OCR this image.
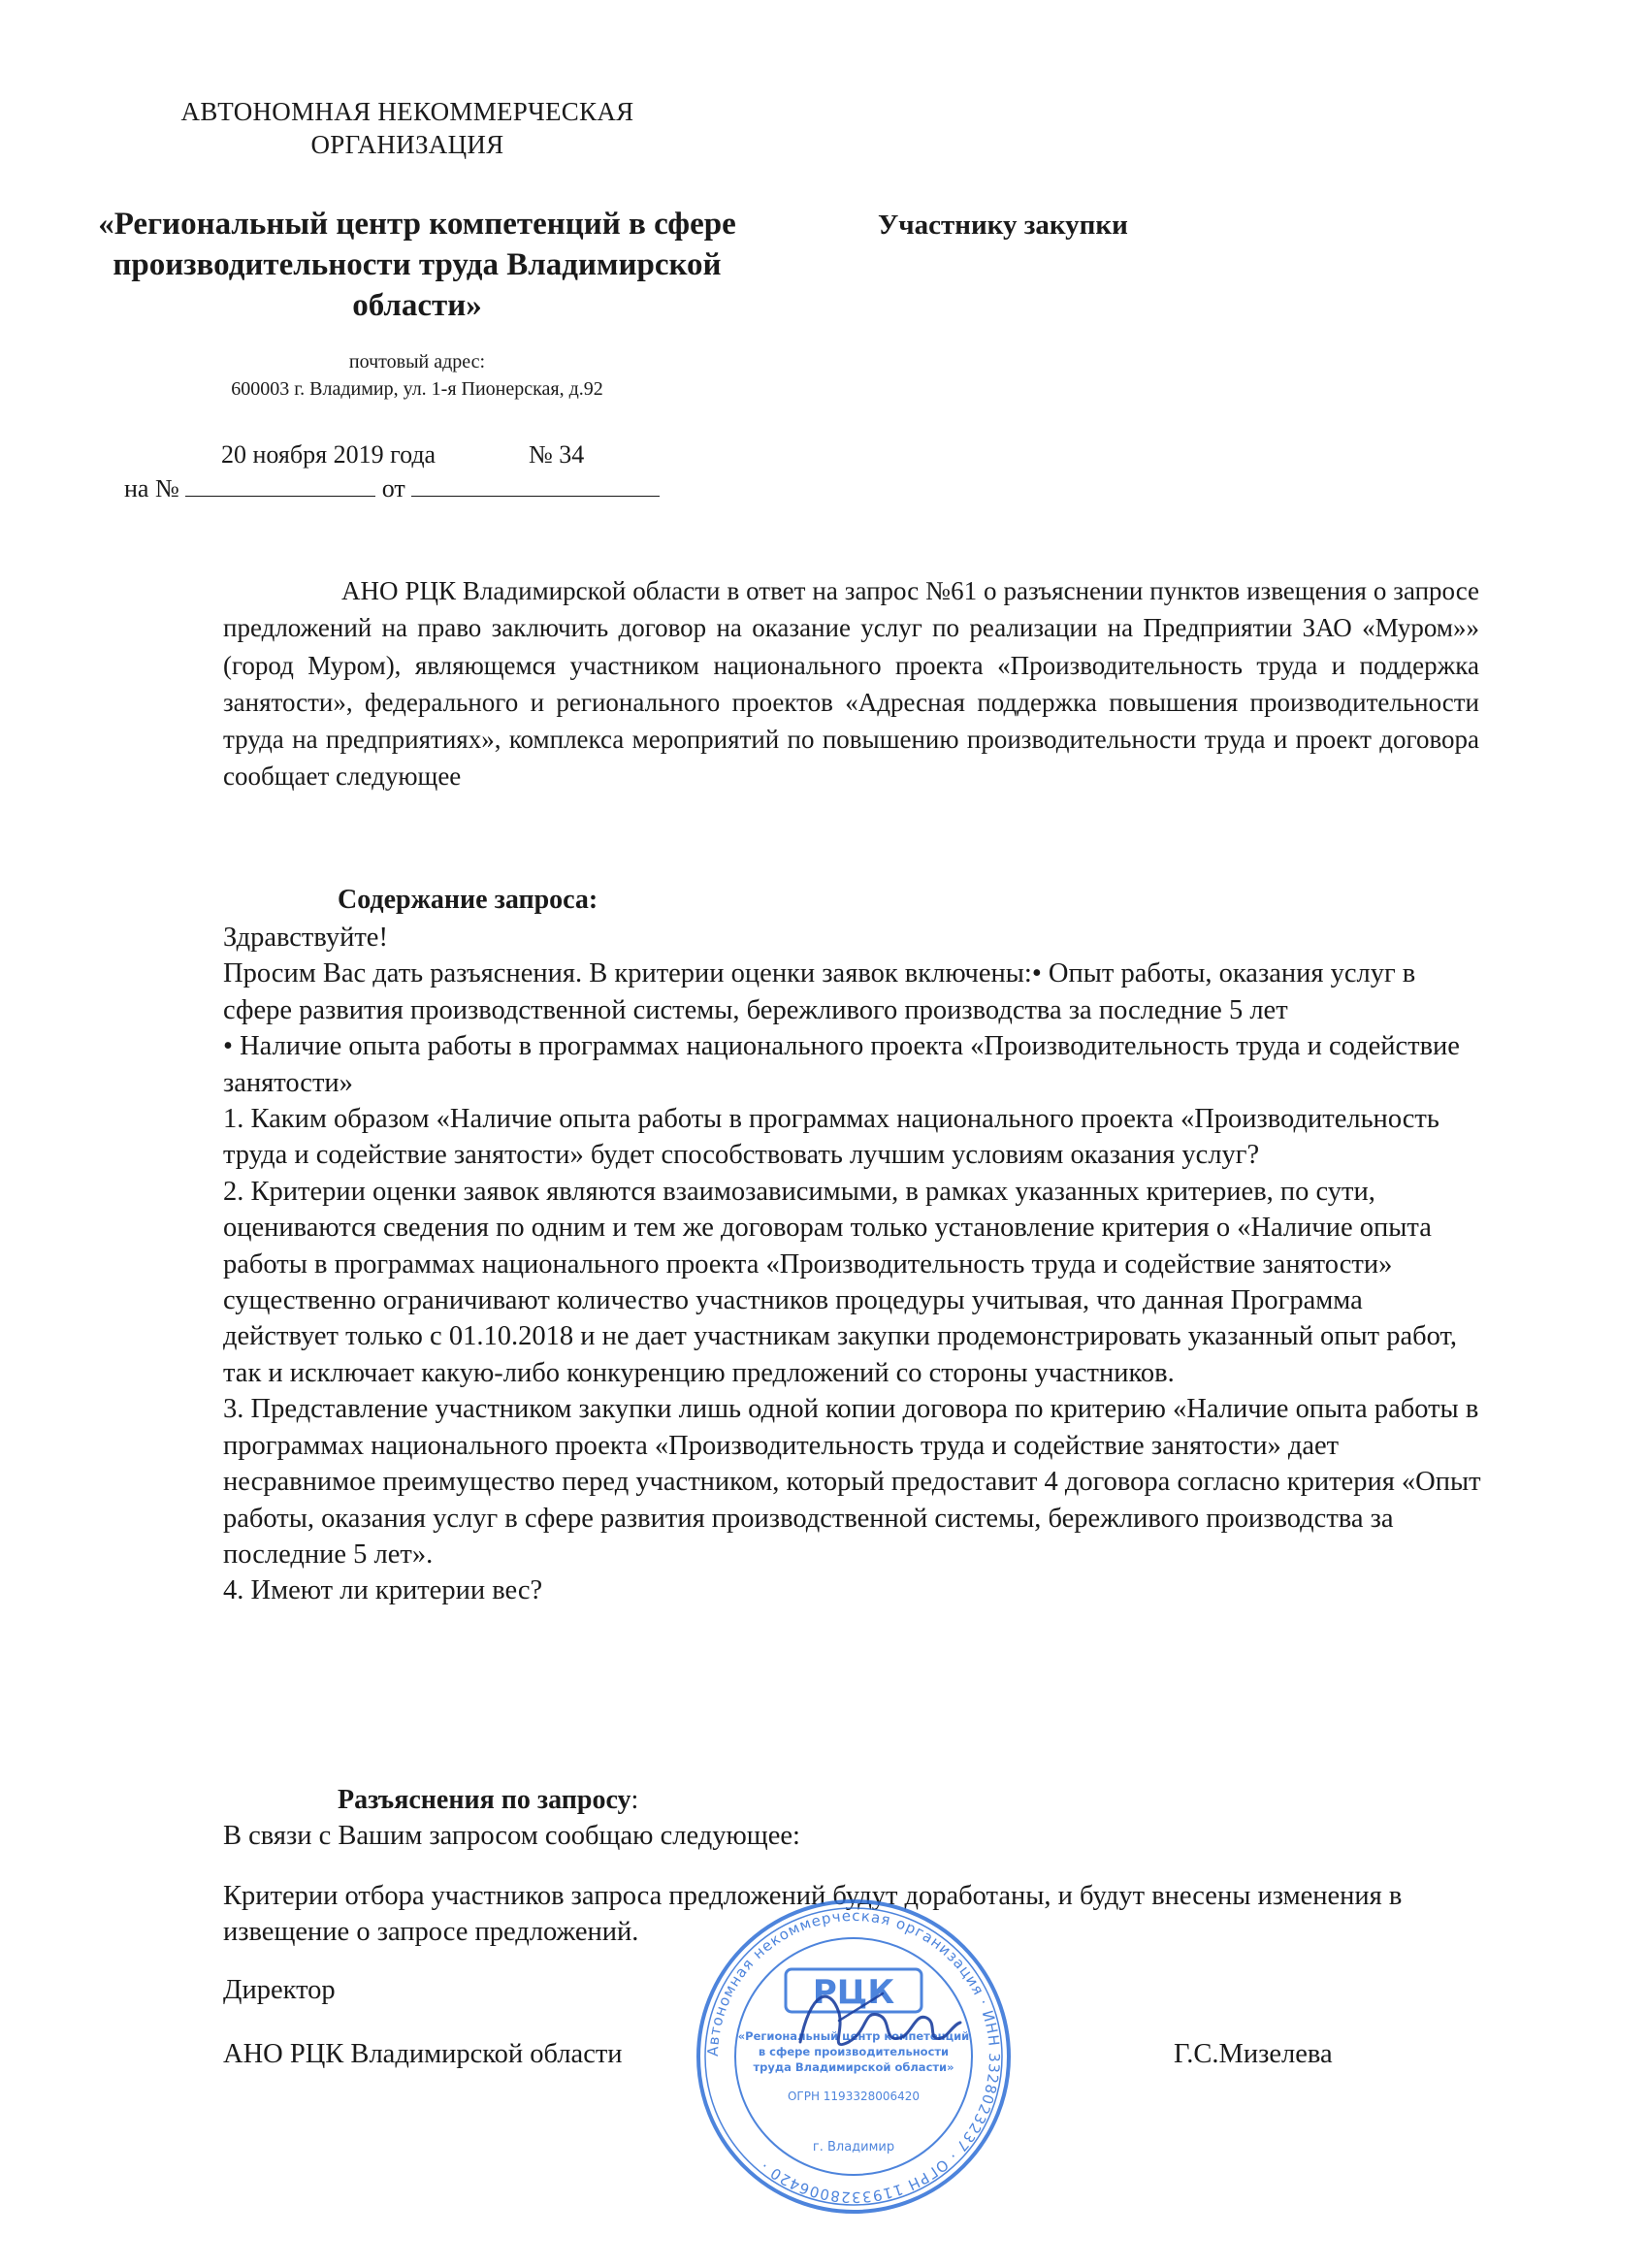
АВТОНОМНАЯ НЕКОММЕРЧЕСКАЯ ОРГАНИЗАЦИЯ
«Региональный центр компетенций в сфере производительности труда Владимирской области»
почтовый адрес:
600003 г. Владимир, ул. 1-я Пионерская, д.92
20 ноября 2019 года	№ 34
на №	от
Участнику закупки
АНО РЦК Владимирской области в ответ на запрос №61 о разъяснении пунктов извещения о запросе предложений на право заключить договор на оказание услуг по реализации на Предприятии ЗАО «Муром»» (город Муром), являющемся участником национального проекта «Производительность труда и поддержка занятости», федерального и регионального проектов «Адресная поддержка повышения производительности труда на предприятиях», комплекса мероприятий по повышению производительности труда и проект договора сообщает следующее
Содержание запроса:

Здравствуйте!

Просим Вас дать разъяснения. В критерии оценки заявок включены:• Опыт работы, оказания услуг в сфере развития производственной системы, бережливого производства за последние 5 лет

• Наличие опыта работы в программах национального проекта «Производительность труда и содействие занятости»

1. Каким образом «Наличие опыта работы в программах национального проекта «Производительность труда и содействие занятости» будет способствовать лучшим условиям оказания услуг?

2. Критерии оценки заявок являются взаимозависимыми, в рамках указанных критериев, по сути, оцениваются сведения по одним и тем же договорам только установление критерия о «Наличие опыта работы в программах национального проекта «Производительность труда и содействие занятости» существенно ограничивают количество участников процедуры учитывая, что данная Программа действует только с 01.10.2018 и не дает участникам закупки продемонстрировать указанный опыт работ, так и исключает какую-либо конкуренцию предложений со стороны участников.

3. Представление участником закупки лишь одной копии договора по критерию «Наличие опыта работы в программах национального проекта «Производительность труда и содействие занятости» дает несравнимое преимущество перед участником, который предоставит 4 договора согласно критерия «Опыт работы, оказания услуг в сфере развития производственной системы, бережливого производства за последние 5 лет».

4. Имеют ли критерии вес?

Разъяснения по запросу:
В связи с Вашим запросом сообщаю следующее:
Критерии отбора участников запроса предложений будут доработаны, и будут внесены изменения в извещение о запросе предложений.
Директор
АНО РЦК Владимирской области	Г.С.Мизелева
Автономная некоммерческая организация · ИНН 3328023237 · ОГРН 1193328006420 ·
РЦК
«Региональный центр компетенций
в сфере производительности
труда Владимирской области»
ОГРН 1193328006420
г. Владимир
